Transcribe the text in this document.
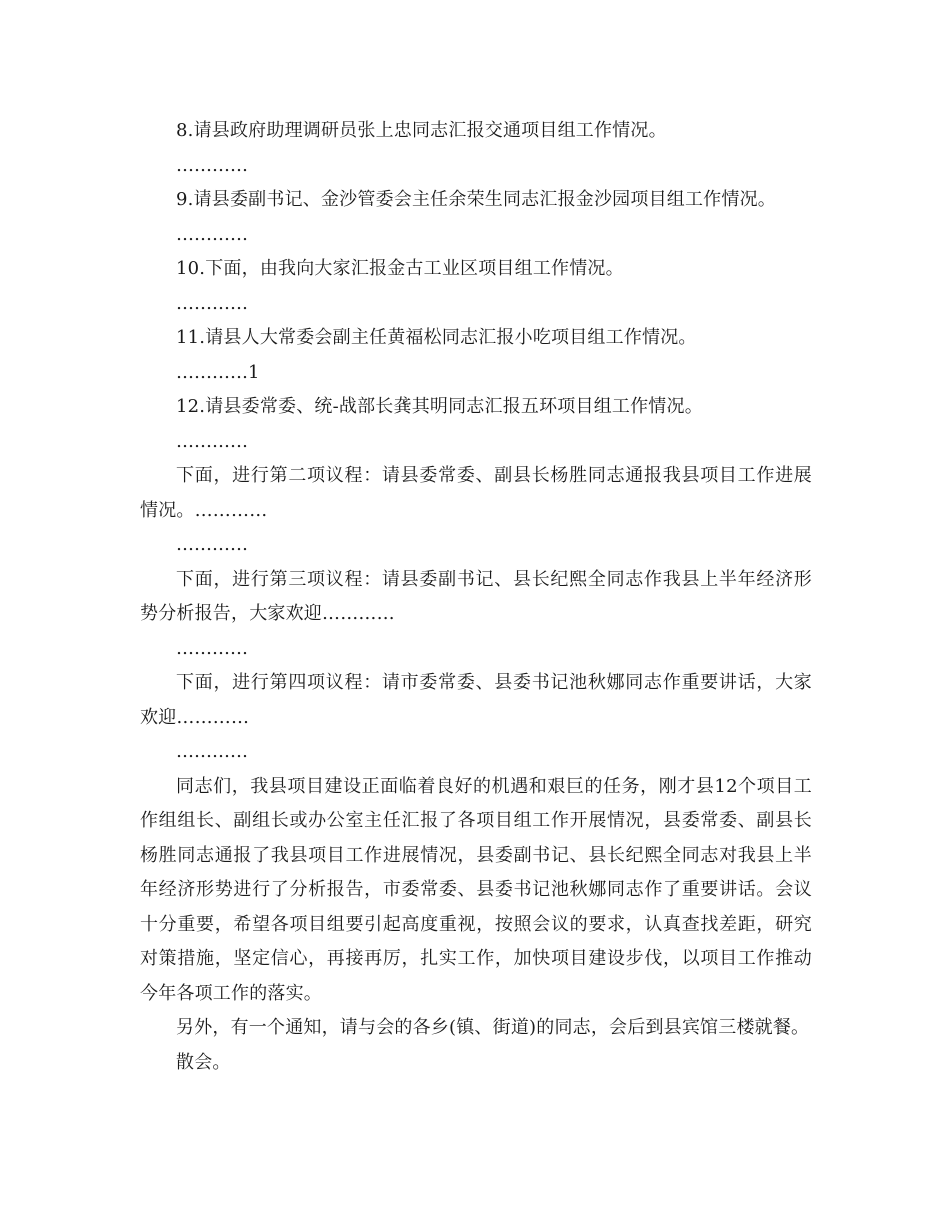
8.请县政府助理调研员张上忠同志汇报交通项目组工作情况。

…………

9.请县委副书记、金沙管委会主任余荣生同志汇报金沙园项目组工作情况。

…………

10.下面，由我向大家汇报金古工业区项目组工作情况。

…………

11.请县人大常委会副主任黄福松同志汇报小吃项目组工作情况。

…………1

12.请县委常委、统-战部长龚其明同志汇报五环项目组工作情况。

…………

下面，进行第二项议程：请县委常委、副县长杨胜同志通报我县项目工作进展情况。…………

…………

下面，进行第三项议程：请县委副书记、县长纪熙全同志作我县上半年经济形势分析报告，大家欢迎…………

…………

下面，进行第四项议程：请市委常委、县委书记池秋娜同志作重要讲话，大家欢迎…………

…………

同志们，我县项目建设正面临着良好的机遇和艰巨的任务，刚才县12个项目工作组组长、副组长或办公室主任汇报了各项目组工作开展情况，县委常委、副县长杨胜同志通报了我县项目工作进展情况，县委副书记、县长纪熙全同志对我县上半年经济形势进行了分析报告，市委常委、县委书记池秋娜同志作了重要讲话。会议十分重要，希望各项目组要引起高度重视，按照会议的要求，认真查找差距，研究对策措施，坚定信心，再接再厉，扎实工作，加快项目建设步伐，以项目工作推动今年各项工作的落实。

另外，有一个通知，请与会的各乡(镇、街道)的同志，会后到县宾馆三楼就餐。

散会。
